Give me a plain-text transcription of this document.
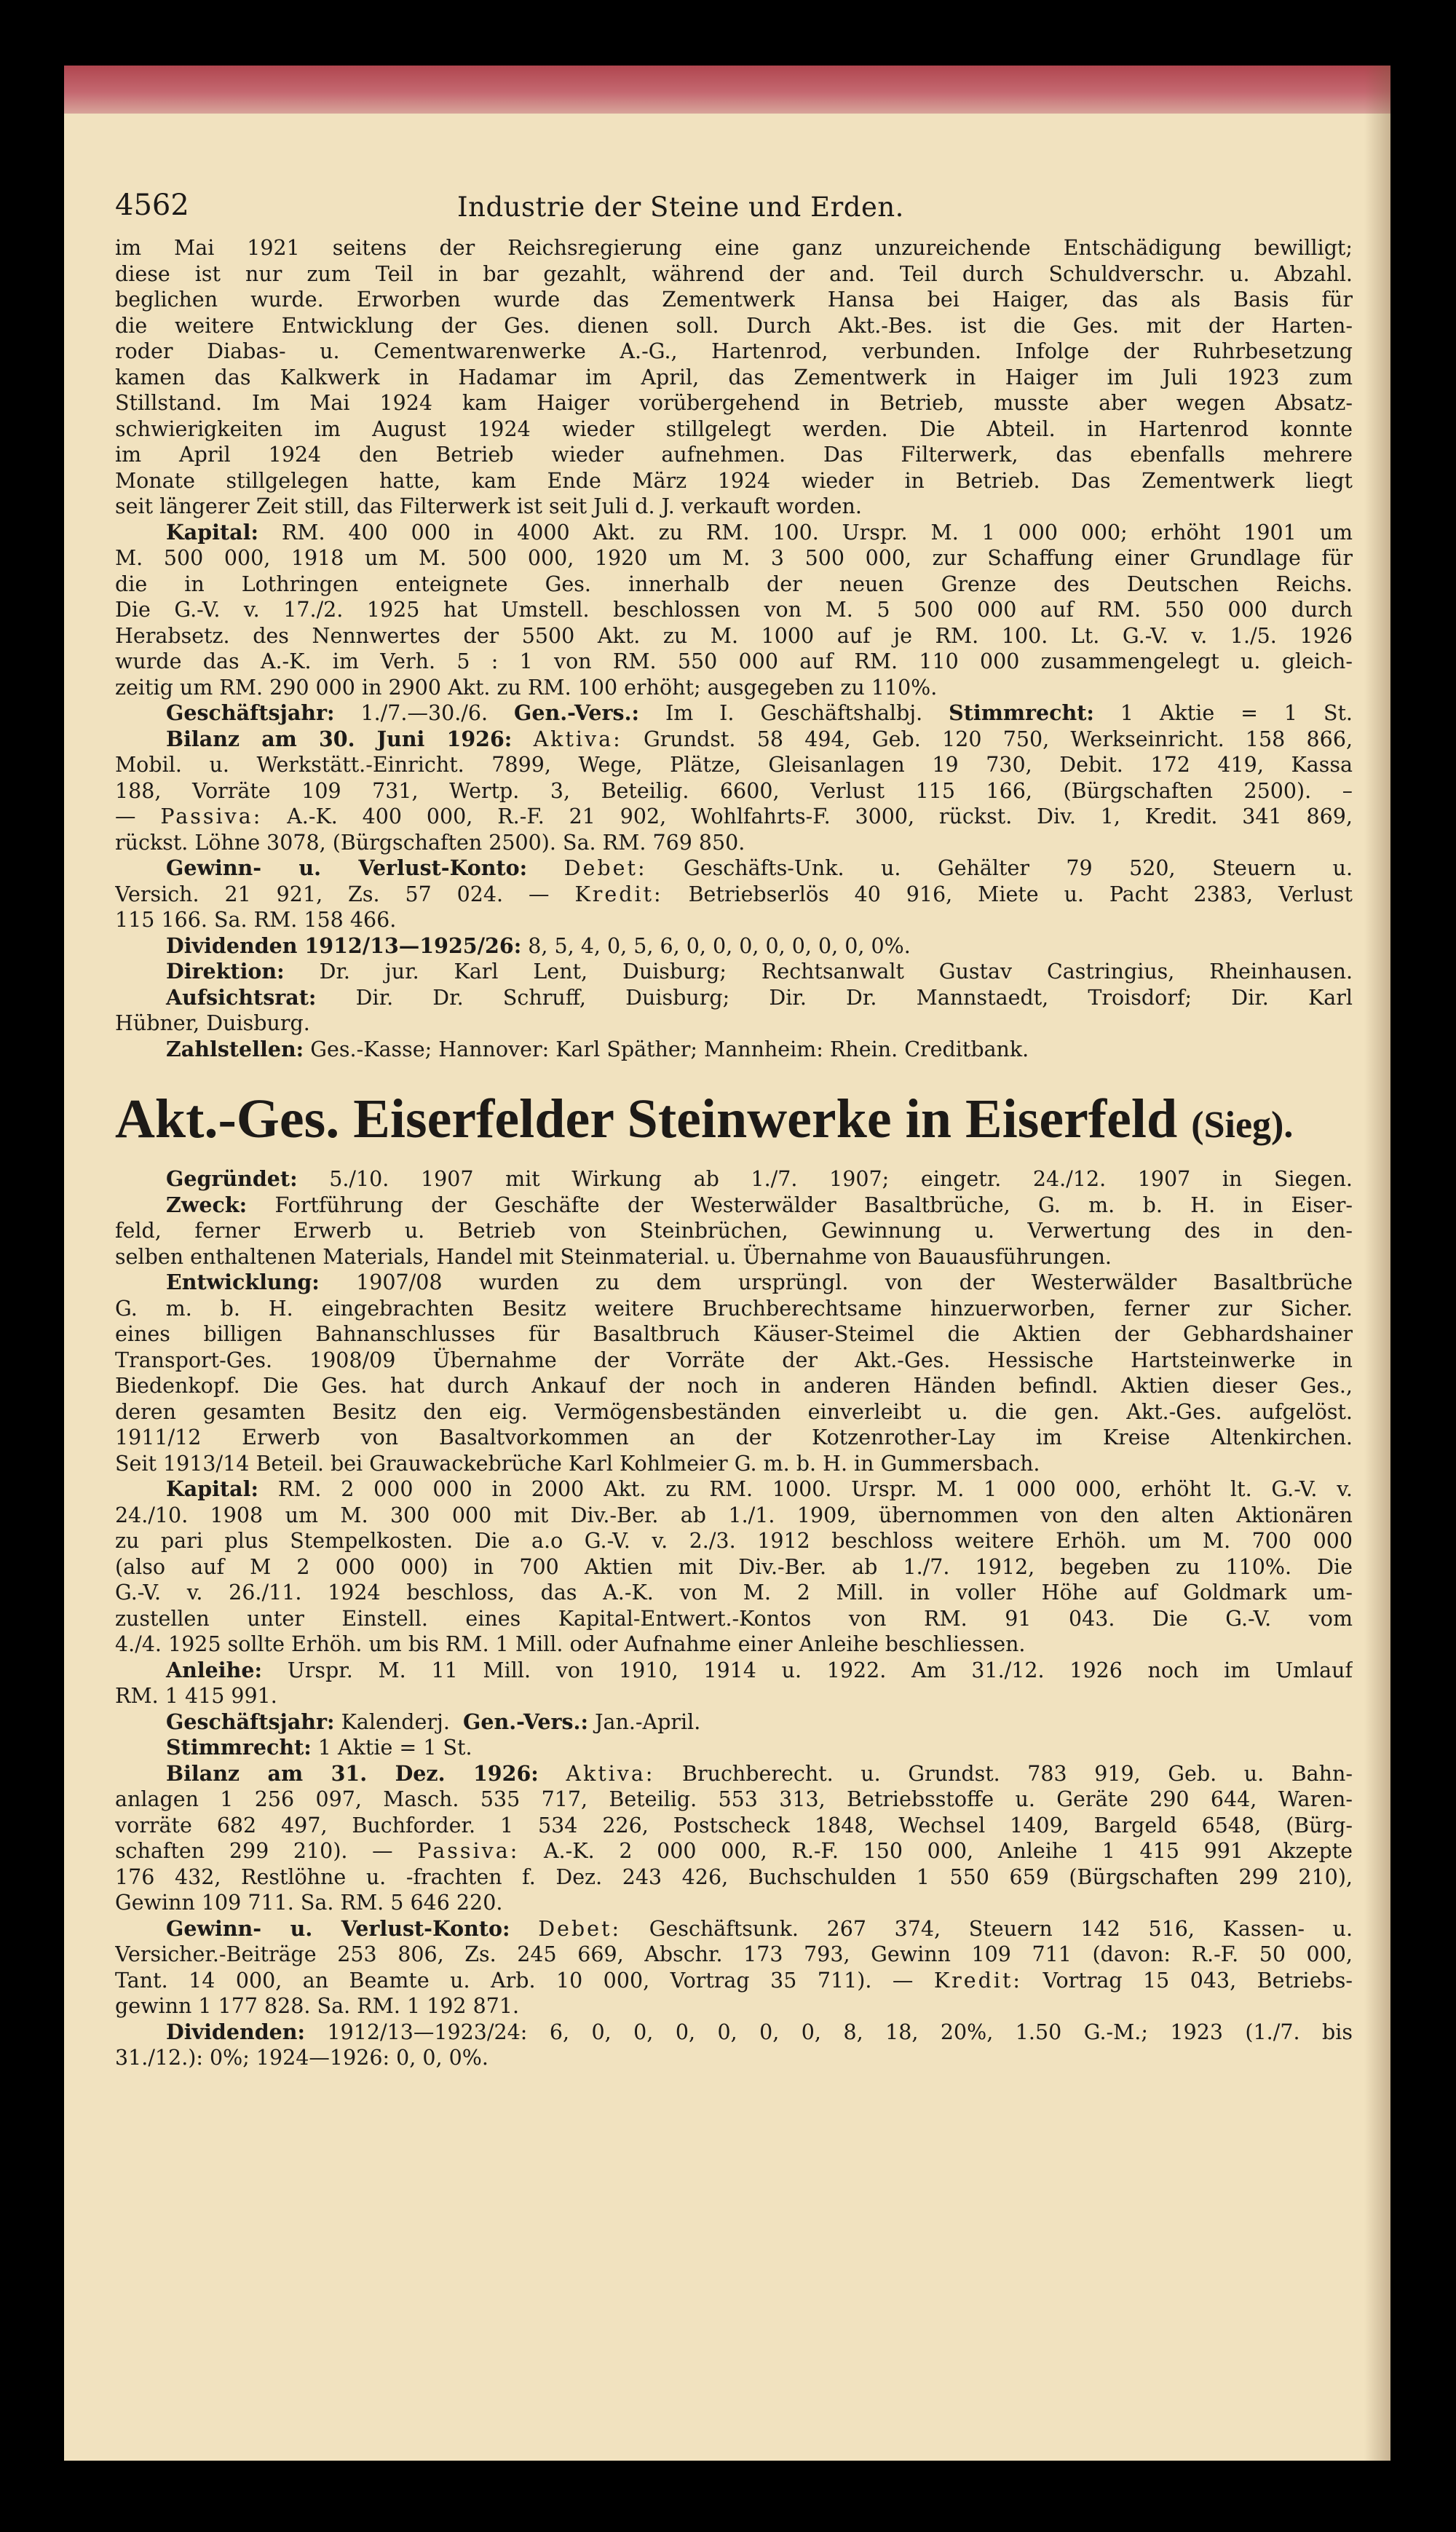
4562	Industrie der Steine und Erden.
im Mai 1921 seitens der Reichsregierung eine ganz unzureichende Entschädigung bewilligt;
diese ist nur zum Teil in bar gezahlt, während der and. Teil durch Schuldverschr. u. Abzahl.
beglichen wurde. Erworben wurde das Zementwerk Hansa bei Haiger, das als Basis für
die weitere Entwicklung der Ges. dienen soll. Durch Akt.-Bes. ist die Ges. mit der Harten-
roder Diabas- u. Cementwarenwerke A.-G., Hartenrod, verbunden. Infolge der Ruhrbesetzung
kamen das Kalkwerk in Hadamar im April, das Zementwerk in Haiger im Juli 1923 zum
Stillstand. Im Mai 1924 kam Haiger vorübergehend in Betrieb, musste aber wegen Absatz-
schwierigkeiten im August 1924 wieder stillgelegt werden. Die Abteil. in Hartenrod konnte
im April 1924 den Betrieb wieder aufnehmen. Das Filterwerk, das ebenfalls mehrere
Monate stillgelegen hatte, kam Ende März 1924 wieder in Betrieb. Das Zementwerk liegt
seit längerer Zeit still, das Filterwerk ist seit Juli d. J. verkauft worden.
Kapital: RM. 400 000 in 4000 Akt. zu RM. 100. Urspr. M. 1 000 000; erhöht 1901 um
M. 500 000, 1918 um M. 500 000, 1920 um M. 3 500 000, zur Schaffung einer Grundlage für
die in Lothringen enteignete Ges. innerhalb der neuen Grenze des Deutschen Reichs.
Die G.-V. v. 17./2. 1925 hat Umstell. beschlossen von M. 5 500 000 auf RM. 550 000 durch
Herabsetz. des Nennwertes der 5500 Akt. zu M. 1000 auf je RM. 100. Lt. G.-V. v. 1./5. 1926
wurde das A.-K. im Verh. 5 : 1 von RM. 550 000 auf RM. 110 000 zusammengelegt u. gleich-
zeitig um RM. 290 000 in 2900 Akt. zu RM. 100 erhöht; ausgegeben zu 110%.
Geschäftsjahr: 1./7.—30./6. Gen.-Vers.: Im I. Geschäftshalbj. Stimmrecht: 1 Aktie = 1 St.
Bilanz am 30. Juni 1926: Aktiva: Grundst. 58 494, Geb. 120 750, Werkseinricht. 158 866,
Mobil. u. Werkstätt.-Einricht. 7899, Wege, Plätze, Gleisanlagen 19 730, Debit. 172 419, Kassa
188, Vorräte 109 731, Wertp. 3, Beteilig. 6600, Verlust 115 166, (Bürgschaften 2500). –
— Passiva: A.-K. 400 000, R.-F. 21 902, Wohlfahrts-F. 3000, rückst. Div. 1, Kredit. 341 869,
rückst. Löhne 3078, (Bürgschaften 2500). Sa. RM. 769 850.
Gewinn- u. Verlust-Konto: Debet: Geschäfts-Unk. u. Gehälter 79 520, Steuern u.
Versich. 21 921, Zs. 57 024. — Kredit: Betriebserlös 40 916, Miete u. Pacht 2383, Verlust
115 166. Sa. RM. 158 466.
Dividenden 1912/13—1925/26: 8, 5, 4, 0, 5, 6, 0, 0, 0, 0, 0, 0, 0, 0%.
Direktion: Dr. jur. Karl Lent, Duisburg; Rechtsanwalt Gustav Castringius, Rheinhausen.
Aufsichtsrat: Dir. Dr. Schruff, Duisburg; Dir. Dr. Mannstaedt, Troisdorf; Dir. Karl
Hübner, Duisburg.
Zahlstellen: Ges.-Kasse; Hannover: Karl Späther; Mannheim: Rhein. Creditbank.
Akt.-Ges. Eiserfelder Steinwerke in Eiserfeld (Sieg).
Gegründet: 5./10. 1907 mit Wirkung ab 1./7. 1907; eingetr. 24./12. 1907 in Siegen.
Zweck: Fortführung der Geschäfte der Westerwälder Basaltbrüche, G. m. b. H. in Eiser-
feld, ferner Erwerb u. Betrieb von Steinbrüchen, Gewinnung u. Verwertung des in den-
selben enthaltenen Materials, Handel mit Steinmaterial. u. Übernahme von Bauausführungen.
Entwicklung: 1907/08 wurden zu dem ursprüngl. von der Westerwälder Basaltbrüche
G. m. b. H. eingebrachten Besitz weitere Bruchberechtsame hinzuerworben, ferner zur Sicher.
eines billigen Bahnanschlusses für Basaltbruch Käuser-Steimel die Aktien der Gebhardshainer
Transport-Ges. 1908/09 Übernahme der Vorräte der Akt.-Ges. Hessische Hartsteinwerke in
Biedenkopf. Die Ges. hat durch Ankauf der noch in anderen Händen befindl. Aktien dieser Ges.,
deren gesamten Besitz den eig. Vermögensbeständen einverleibt u. die gen. Akt.-Ges. aufgelöst.
1911/12 Erwerb von Basaltvorkommen an der Kotzenrother-Lay im Kreise Altenkirchen.
Seit 1913/14 Beteil. bei Grauwackebrüche Karl Kohlmeier G. m. b. H. in Gummersbach.
Kapital: RM. 2 000 000 in 2000 Akt. zu RM. 1000. Urspr. M. 1 000 000, erhöht lt. G.-V. v.
24./10. 1908 um M. 300 000 mit Div.-Ber. ab 1./1. 1909, übernommen von den alten Aktionären
zu pari plus Stempelkosten. Die a.o G.-V. v. 2./3. 1912 beschloss weitere Erhöh. um M. 700 000
(also auf M 2 000 000) in 700 Aktien mit Div.-Ber. ab 1./7. 1912, begeben zu 110%. Die
G.-V. v. 26./11. 1924 beschloss, das A.-K. von M. 2 Mill. in voller Höhe auf Goldmark um-
zustellen unter Einstell. eines Kapital-Entwert.-Kontos von RM. 91 043. Die G.-V. vom
4./4. 1925 sollte Erhöh. um bis RM. 1 Mill. oder Aufnahme einer Anleihe beschliessen.
Anleihe: Urspr. M. 11 Mill. von 1910, 1914 u. 1922. Am 31./12. 1926 noch im Umlauf
RM. 1 415 991.
Geschäftsjahr: Kalenderj. Gen.-Vers.: Jan.-April.
Stimmrecht: 1 Aktie = 1 St.
Bilanz am 31. Dez. 1926: Aktiva: Bruchberecht. u. Grundst. 783 919, Geb. u. Bahn-
anlagen 1 256 097, Masch. 535 717, Beteilig. 553 313, Betriebsstoffe u. Geräte 290 644, Waren-
vorräte 682 497, Buchforder. 1 534 226, Postscheck 1848, Wechsel 1409, Bargeld 6548, (Bürg-
schaften 299 210). — Passiva: A.-K. 2 000 000, R.-F. 150 000, Anleihe 1 415 991 Akzepte
176 432, Restlöhne u. -frachten f. Dez. 243 426, Buchschulden 1 550 659 (Bürgschaften 299 210),
Gewinn 109 711. Sa. RM. 5 646 220.
Gewinn- u. Verlust-Konto: Debet: Geschäftsunk. 267 374, Steuern 142 516, Kassen- u.
Versicher.-Beiträge 253 806, Zs. 245 669, Abschr. 173 793, Gewinn 109 711 (davon: R.-F. 50 000,
Tant. 14 000, an Beamte u. Arb. 10 000, Vortrag 35 711). — Kredit: Vortrag 15 043, Betriebs-
gewinn 1 177 828. Sa. RM. 1 192 871.
Dividenden: 1912/13—1923/24: 6, 0, 0, 0, 0, 0, 0, 8, 18, 20%, 1.50 G.-M.; 1923 (1./7. bis
31./12.): 0%; 1924—1926: 0, 0, 0%.
